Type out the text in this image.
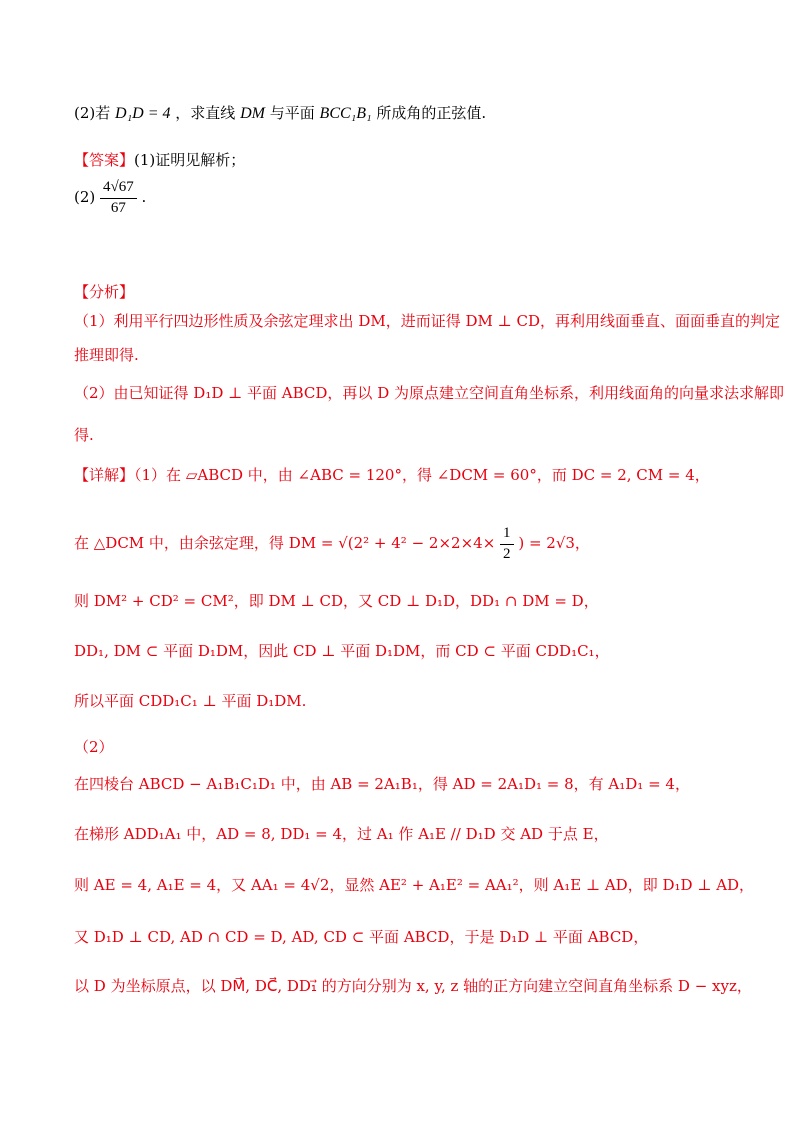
(2)若 D₁D = 4 ，求直线 DM 与平面 BCC₁B₁ 所成角的正弦值.
【答案】(1)证明见解析；
$(2) \frac{4√67}{67}$ .
【分析】
（1）利用平行四边形性质及余弦定理求出 DM，进而证得 DM ⊥ CD，再利用线面垂直、面面垂直的判定
推理即得.
（2）由已知证得 D₁D ⊥ 平面 ABCD，再以 D 为原点建立空间直角坐标系，利用线面角的向量求法求解即
得.
【详解】（1）在 ▱ABCD 中，由 ∠ABC = 120°，得 ∠DCM = 60°，而 DC = 2, CM = 4，
在 △DCM 中，由余弦定理，得 DM = $√(2^2 + 4^2 - 2\times 2\times 4\times \frac{1}{2}$ ) = 2√3，
则 DM² + CD² = CM²，即 DM ⊥ CD，又 CD ⊥ D₁D，DD₁ ∩ DM = D，
DD₁, DM ⊂ 平面 D₁DM，因此 CD ⊥ 平面 D₁DM，而 CD ⊂ 平面 CDD₁C₁，
所以平面 CDD₁C₁ ⊥ 平面 D₁DM.
（2）
在四棱台 ABCD − A₁B₁C₁D₁ 中，由 AB = 2A₁B₁，得 AD = 2A₁D₁ = 8，有 A₁D₁ = 4，
在梯形 ADD₁A₁ 中，AD = 8, DD₁ = 4，过 A₁ 作 A₁E // D₁D 交 AD 于点 E，
则 AE = 4, A₁E = 4，又 AA₁ = 4√2，显然 AE² + A₁E² = AA₁²，则 A₁E ⊥ AD，即 D₁D ⊥ AD，
又 D₁D ⊥ CD, AD ∩ CD = D, AD, CD ⊂ 平面 ABCD，于是 D₁D ⊥ 平面 ABCD，
以 D 为坐标原点，以 DM⃗, DC⃗, DD₁⃗ 的方向分别为 x, y, z 轴的正方向建立空间直角坐标系 D − xyz，
